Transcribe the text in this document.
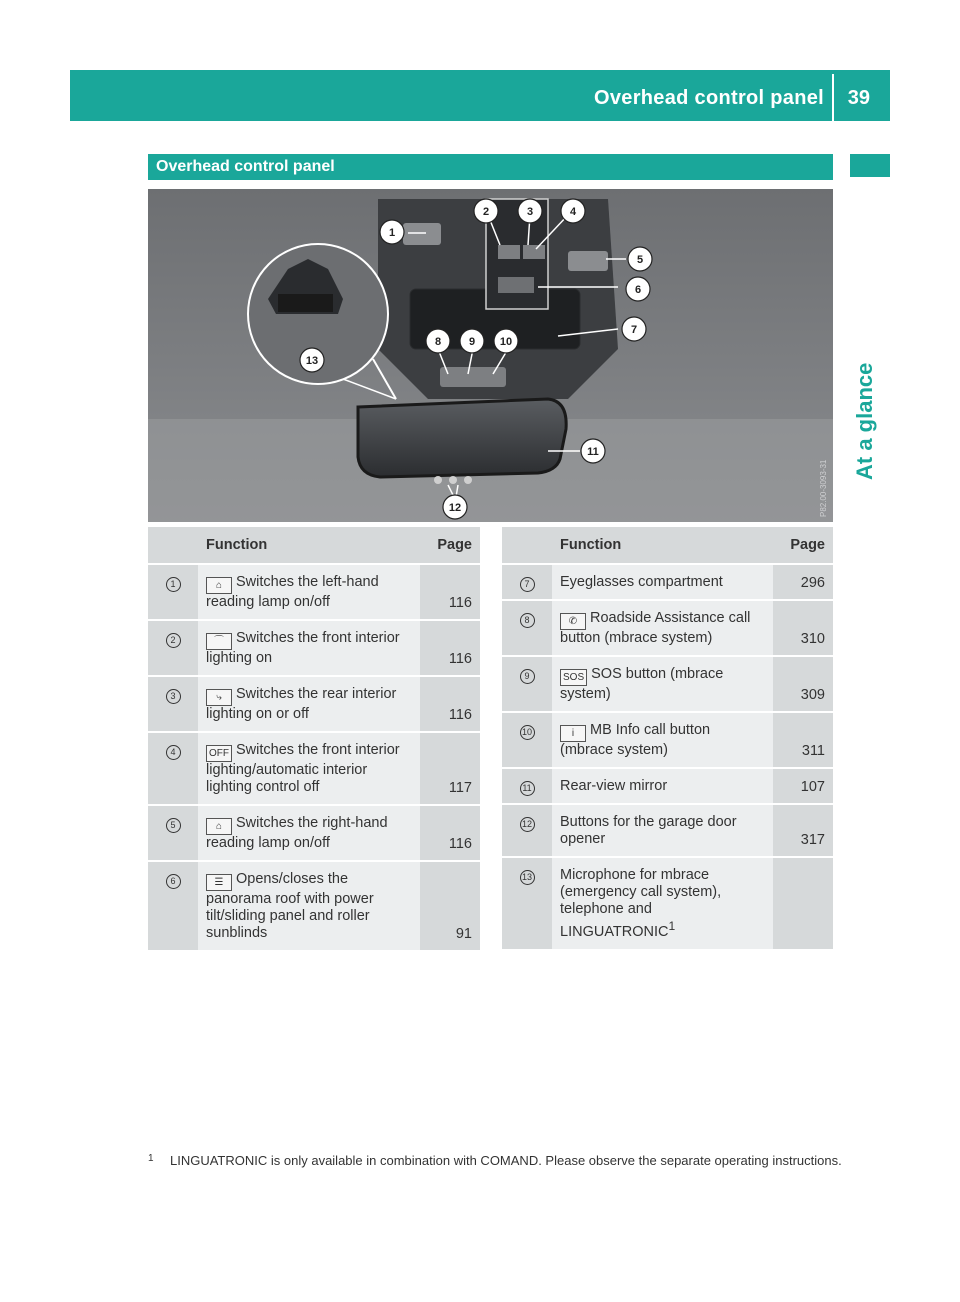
Overhead control panel 39
At a glance
Overhead control panel
1
2	3	4
5
6
7
8	9 10
11
12
13
P82.00-3093-31
	Function	Page
1	⌂ Switches the left-hand reading lamp on/off	116
2	⌒ Switches the front interior lighting on	116
3	⤷ Switches the rear interior lighting on or off	116
4	OFF Switches the front interior lighting/automatic interior lighting control off	117
5	⌂ Switches the right-hand reading lamp on/off	116
6	☰ Opens/closes the panorama roof with power tilt/sliding panel and roller sunblinds	91
	Function	Page
7	Eyeglasses compartment	296
8	✆ Roadside Assistance call button (mbrace system)	310
9	SOS SOS button (mbrace system)	309
10	i MB Info call button (mbrace system)	311
11	Rear-view mirror	107
12	Buttons for the garage door opener	317
13	Microphone for mbrace (emergency call system), telephone and LINGUATRONIC$^1$	
1	LINGUATRONIC is only available in combination with COMAND. Please observe the separate operating instructions.
